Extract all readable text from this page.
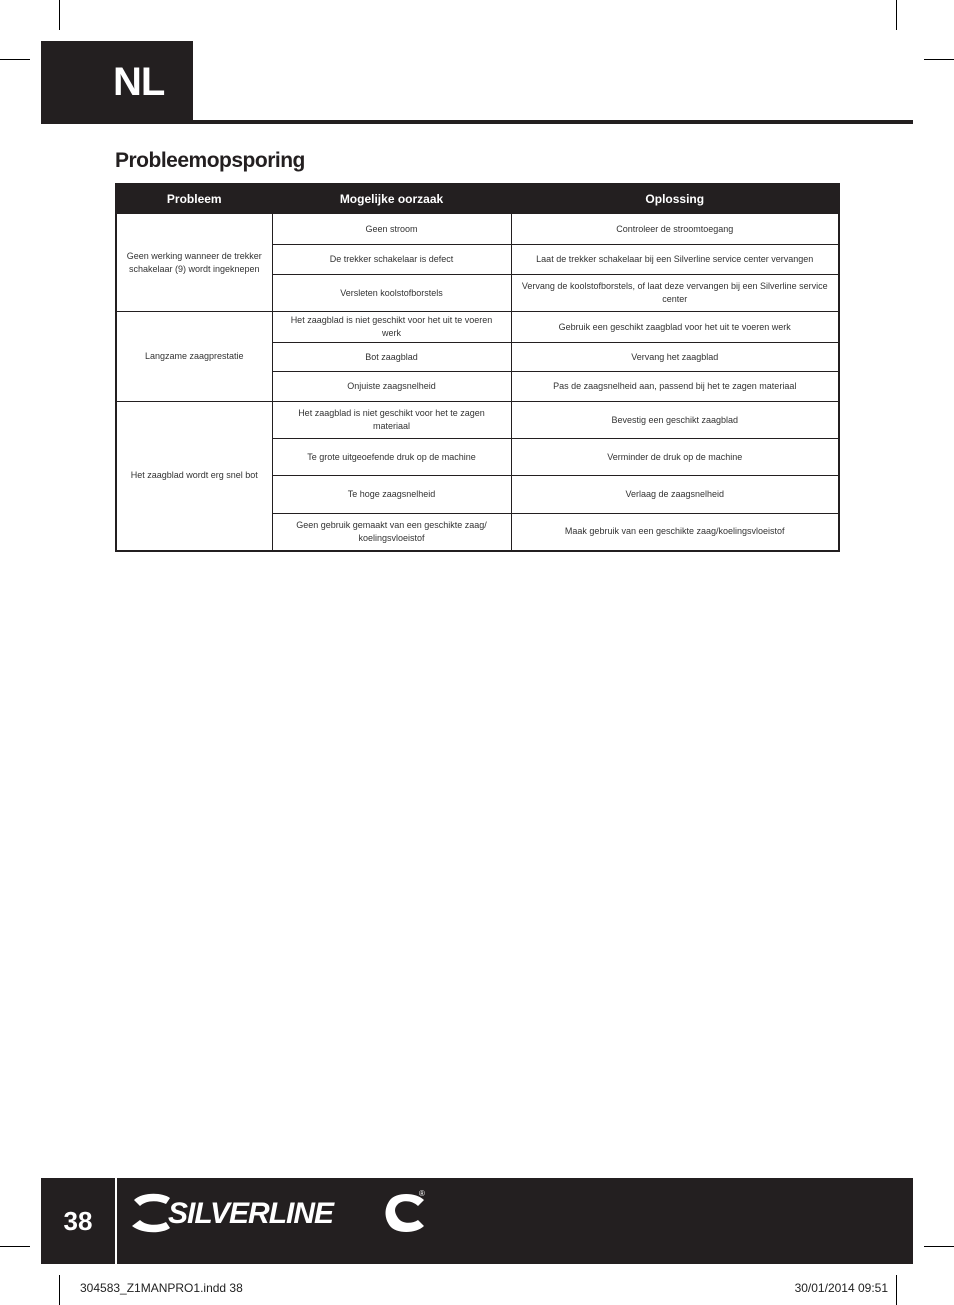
NL
Probleemopsporing
Probleem	Mogelijke oorzaak	Oplossing
Geen werking wanneer de trekker schakelaar (9) wordt ingeknepen	Geen stroom	Controleer de stroomtoegang
	De trekker schakelaar is defect	Laat de trekker schakelaar bij een Silverline service center vervangen
	Versleten koolstofborstels	Vervang de koolstofborstels, of laat deze vervangen bij een Silverline service center
Langzame zaagprestatie	Het zaagblad is niet geschikt voor het uit te voeren werk	Gebruik een geschikt zaagblad voor het uit te voeren werk
	Bot zaagblad	Vervang het zaagblad
	Onjuiste zaagsnelheid	Pas de zaagsnelheid aan, passend bij het te zagen materiaal
Het zaagblad wordt erg snel bot	Het zaagblad is niet geschikt voor het te zagen materiaal	Bevestig een geschikt zaagblad
	Te grote uitgeoefende druk op de machine	Verminder de druk op de machine
	Te hoge zaagsnelheid	Verlaag de zaagsnelheid
	Geen gebruik gemaakt van een geschikte zaag/ koelingsvloeistof	Maak gebruik van een geschikte zaag/koelingsvloeistof
38	SILVERLINE
®
304583_Z1MANPRO1.indd 38	30/01/2014 09:51
